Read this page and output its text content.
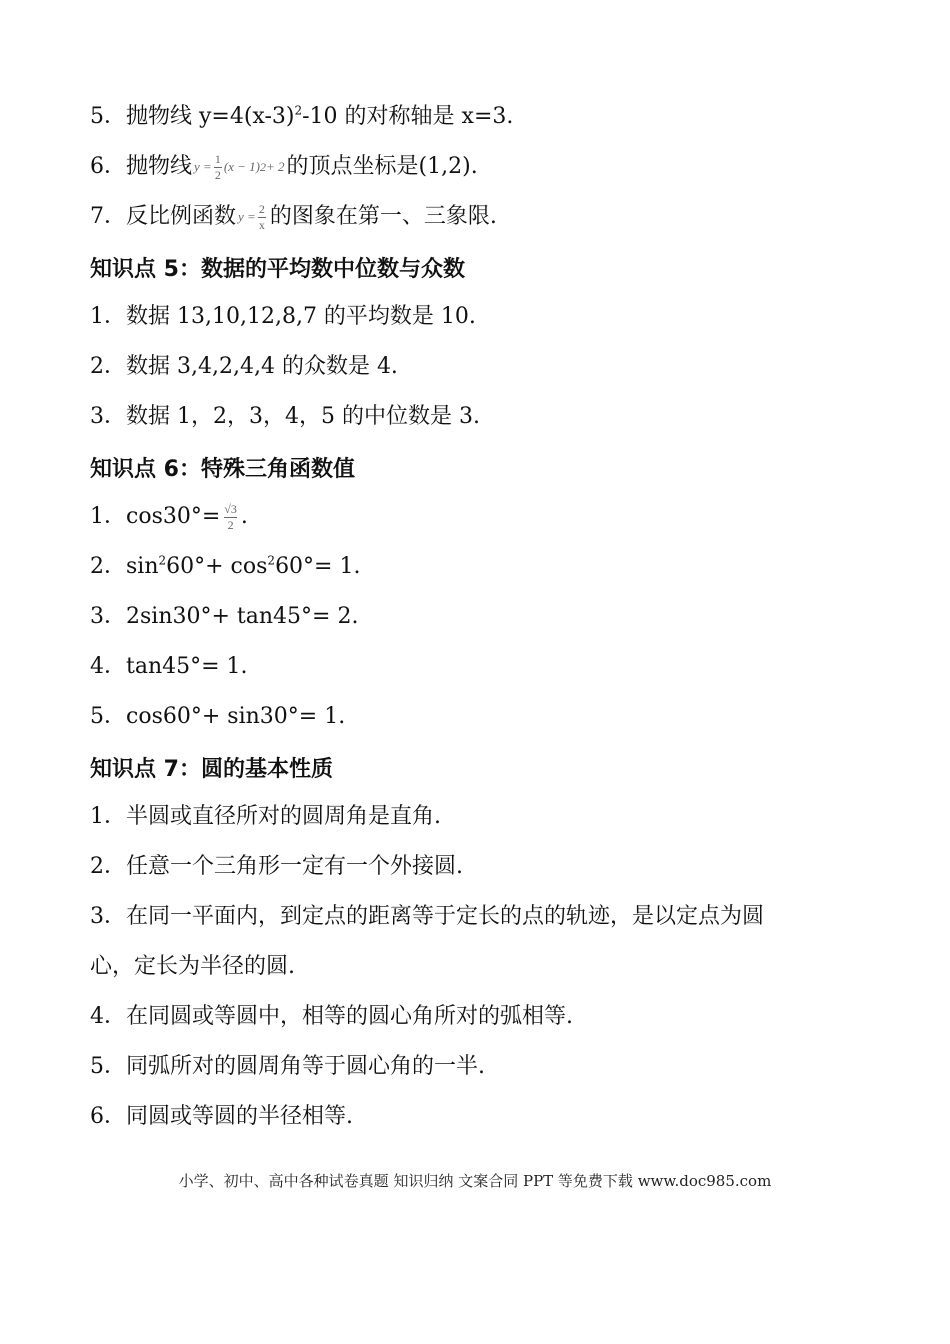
5． 抛物线 $y=4(x-3)^2-10$ 的对称轴是 x=3.
6． 抛物线 $y = \frac{1}{2} (x - 1) 2 + 2$ 的顶点坐标是(1,2).
7． 反比例函数 $y = \frac{2}{x}$ 的图象在第一、三象限.
知识点 5：数据的平均数中位数与众数
1． 数据 13,10,12,8,7 的平均数是 10.
2． 数据 3,4,2,4,4 的众数是 4.
3． 数据 1，2，3，4，5 的中位数是 3.
知识点 6：特殊三角函数值
1． $\cos 30^\circ= \frac{√3}{2}$ .
2． $\sin^260^\circ+ \cos^260^\circ= 1$.
3． 2sin30°+ tan45°= 2.
4． tan45°= 1.
5． cos60°+ sin30°= 1.
知识点 7：圆的基本性质
1． 半圆或直径所对的圆周角是直角.
2． 任意一个三角形一定有一个外接圆.
3． 在同一平面内，到定点的距离等于定长的点的轨迹，是以定点为圆
心，定长为半径的圆.
4． 在同圆或等圆中，相等的圆心角所对的弧相等.
5． 同弧所对的圆周角等于圆心角的一半.
6． 同圆或等圆的半径相等.
小学、初中、高中各种试卷真题 知识归纳 文案合同 PPT 等免费下载 www.doc985.com
